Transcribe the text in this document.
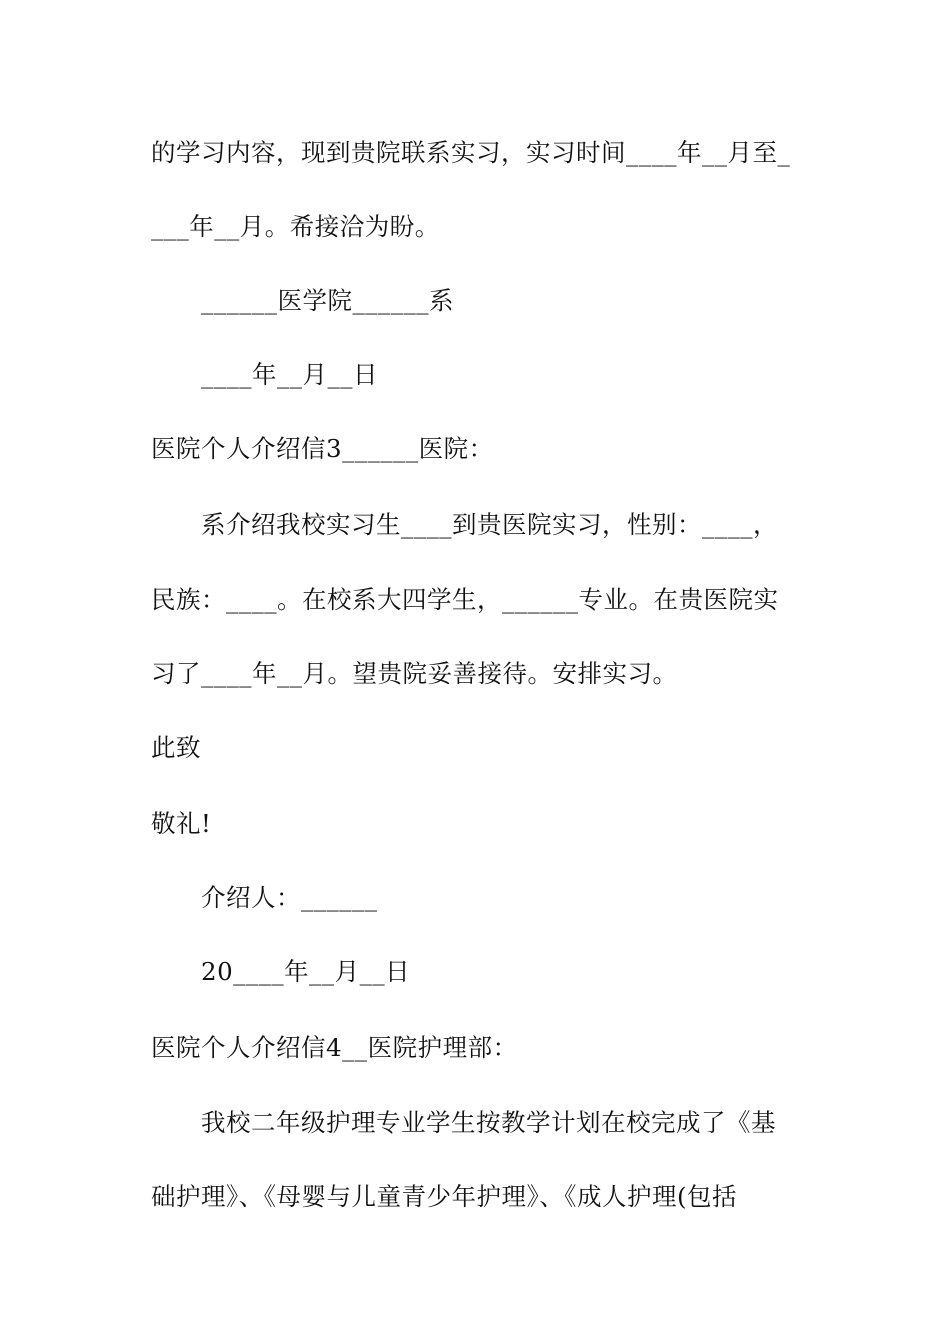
的学习内容，现到贵院联系实习，实习时间____年__月至_
___年__月。希接洽为盼。
______医学院______系
____年__月__日
医院个人介绍信3______医院：
系介绍我校实习生____到贵医院实习，性别：____，
民族：____。在校系大四学生，______专业。在贵医院实
习了____年__月。望贵院妥善接待。安排实习。
此致
敬礼!
介绍人：______
20____年__月__日
医院个人介绍信4__医院护理部：
我校二年级护理专业学生按教学计划在校完成了《基
础护理》、《母婴与儿童青少年护理》、《成人护理(包括
